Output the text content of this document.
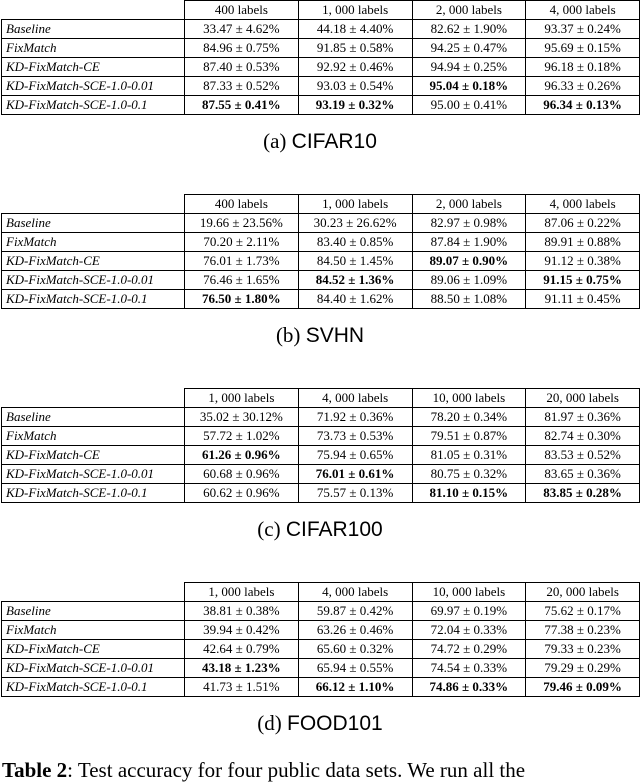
	400 labels	1, 000 labels	2, 000 labels	4, 000 labels
Baseline	33.47 ± 4.62%	44.18 ± 4.40%	82.62 ± 1.90%	93.37 ± 0.24%
FixMatch	84.96 ± 0.75%	91.85 ± 0.58%	94.25 ± 0.47%	95.69 ± 0.15%
KD-FixMatch-CE	87.40 ± 0.53%	92.92 ± 0.46%	94.94 ± 0.25%	96.18 ± 0.18%
KD-FixMatch-SCE-1.0-0.01	87.33 ± 0.52%	93.03 ± 0.54%	95.04 ± 0.18%	96.33 ± 0.26%
KD-FixMatch-SCE-1.0-0.1	87.55 ± 0.41%	93.19 ± 0.32%	95.00 ± 0.41%	96.34 ± 0.13%
(a) CIFAR10
	400 labels	1, 000 labels	2, 000 labels	4, 000 labels
Baseline	19.66 ± 23.56%	30.23 ± 26.62%	82.97 ± 0.98%	87.06 ± 0.22%
FixMatch	70.20 ± 2.11%	83.40 ± 0.85%	87.84 ± 1.90%	89.91 ± 0.88%
KD-FixMatch-CE	76.01 ± 1.73%	84.50 ± 1.45%	89.07 ± 0.90%	91.12 ± 0.38%
KD-FixMatch-SCE-1.0-0.01	76.46 ± 1.65%	84.52 ± 1.36%	89.06 ± 1.09%	91.15 ± 0.75%
KD-FixMatch-SCE-1.0-0.1	76.50 ± 1.80%	84.40 ± 1.62%	88.50 ± 1.08%	91.11 ± 0.45%
(b) SVHN
	1, 000 labels	4, 000 labels	10, 000 labels	20, 000 labels
Baseline	35.02 ± 30.12%	71.92 ± 0.36%	78.20 ± 0.34%	81.97 ± 0.36%
FixMatch	57.72 ± 1.02%	73.73 ± 0.53%	79.51 ± 0.87%	82.74 ± 0.30%
KD-FixMatch-CE	61.26 ± 0.96%	75.94 ± 0.65%	81.05 ± 0.31%	83.53 ± 0.52%
KD-FixMatch-SCE-1.0-0.01	60.68 ± 0.96%	76.01 ± 0.61%	80.75 ± 0.32%	83.65 ± 0.36%
KD-FixMatch-SCE-1.0-0.1	60.62 ± 0.96%	75.57 ± 0.13%	81.10 ± 0.15%	83.85 ± 0.28%
(c) CIFAR100
	1, 000 labels	4, 000 labels	10, 000 labels	20, 000 labels
Baseline	38.81 ± 0.38%	59.87 ± 0.42%	69.97 ± 0.19%	75.62 ± 0.17%
FixMatch	39.94 ± 0.42%	63.26 ± 0.46%	72.04 ± 0.33%	77.38 ± 0.23%
KD-FixMatch-CE	42.64 ± 0.79%	65.60 ± 0.32%	74.72 ± 0.29%	79.33 ± 0.23%
KD-FixMatch-SCE-1.0-0.01	43.18 ± 1.23%	65.94 ± 0.55%	74.54 ± 0.33%	79.29 ± 0.29%
KD-FixMatch-SCE-1.0-0.1	41.73 ± 1.51%	66.12 ± 1.10%	74.86 ± 0.33%	79.46 ± 0.09%
(d) FOOD101
Table 2: Test accuracy for four public data sets. We run all the
